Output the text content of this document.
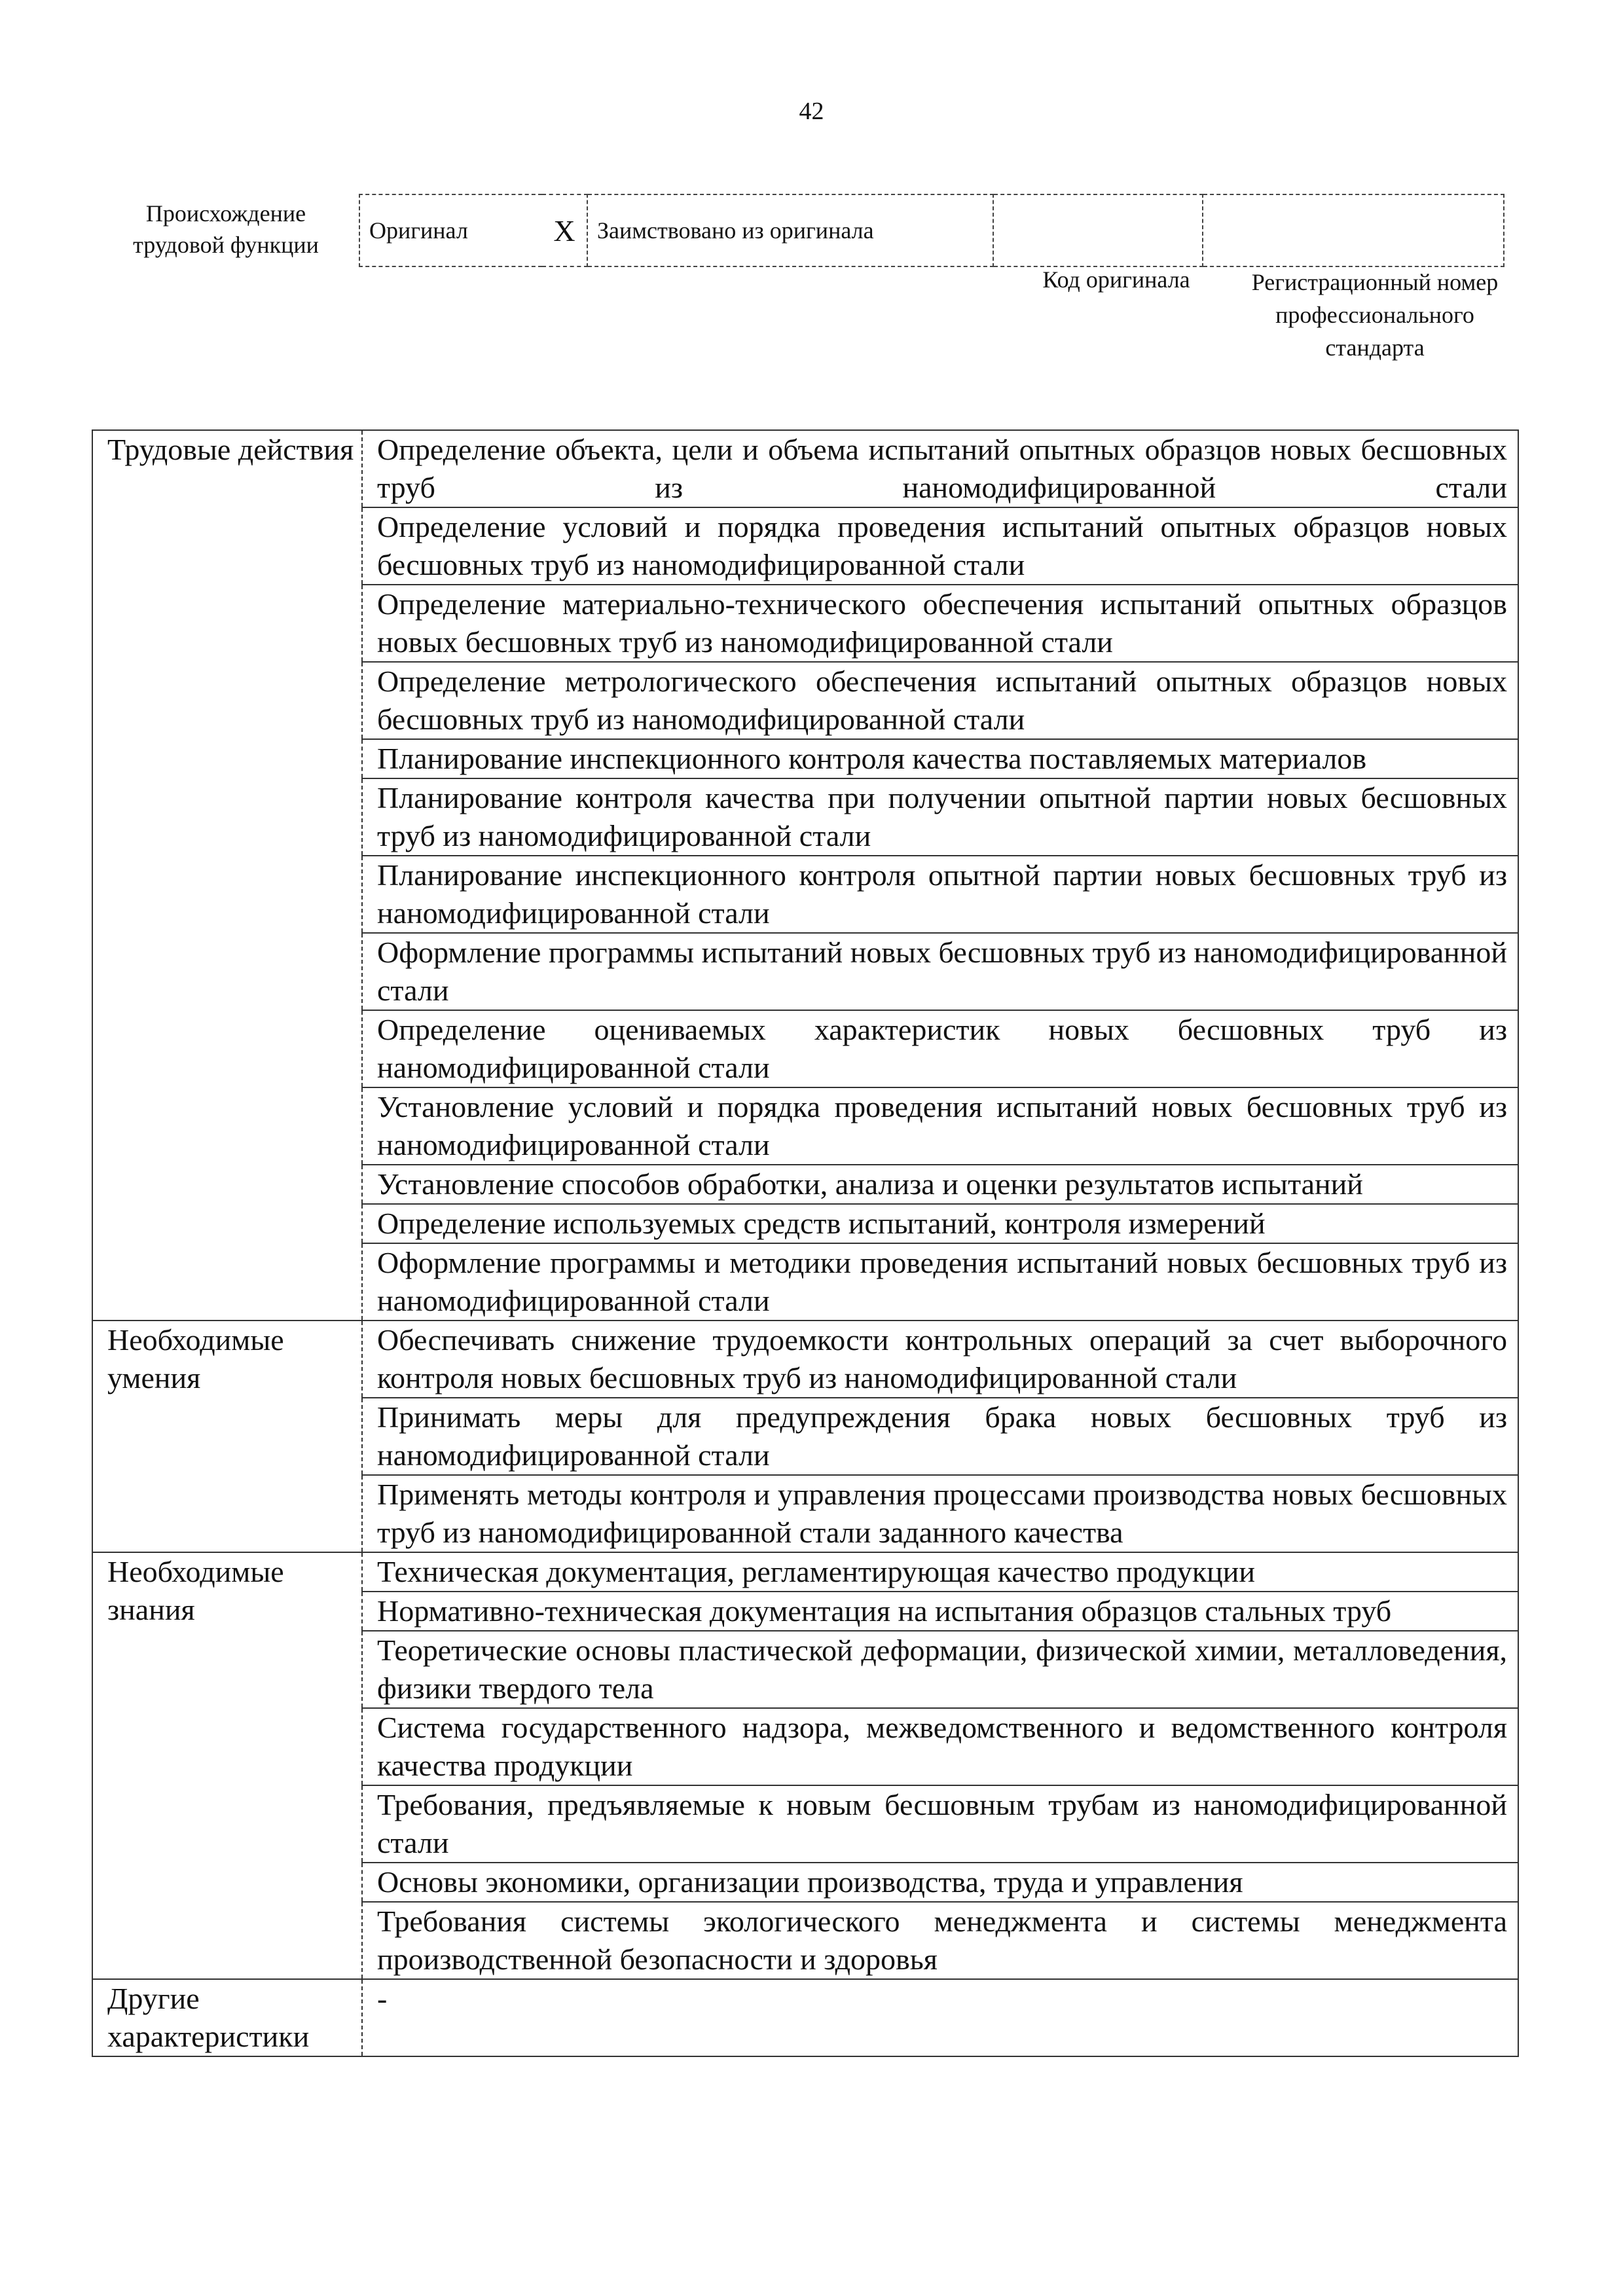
42
Происхождение трудовой функции
Оригинал	X	Заимствовано из оригинала		
Код оригинала	Регистрационный номер профессионального стандарта
Трудовые действия	Определение объекта, цели и объема испытаний опытных образцов новых бесшовных труб из наномодифицированной стали
	Определение условий и порядка проведения испытаний опытных образцов новых бесшовных труб из наномодифицированной стали
	Определение материально-технического обеспечения испытаний опытных образцов новых бесшовных труб из наномодифицированной стали
	Определение метрологического обеспечения испытаний опытных образцов новых бесшовных труб из наномодифицированной стали
	Планирование инспекционного контроля качества поставляемых материалов
	Планирование контроля качества при получении опытной партии новых бесшовных труб из наномодифицированной стали
	Планирование инспекционного контроля опытной партии новых бесшовных труб из наномодифицированной стали
	Оформление программы испытаний новых бесшовных труб из наномодифицированной стали
	Определение оцениваемых характеристик новых бесшовных труб из наномодифицированной стали
	Установление условий и порядка проведения испытаний новых бесшовных труб из наномодифицированной стали
	Установление способов обработки, анализа и оценки результатов испытаний
	Определение используемых средств испытаний, контроля измерений
	Оформление программы и методики проведения испытаний новых бесшовных труб из наномодифицированной стали
Необходимые умения	Обеспечивать снижение трудоемкости контрольных операций за счет выборочного контроля новых бесшовных труб из наномодифицированной стали
	Принимать меры для предупреждения брака новых бесшовных труб из наномодифицированной стали
	Применять методы контроля и управления процессами производства новых бесшовных труб из наномодифицированной стали заданного качества
Необходимые знания	Техническая документация, регламентирующая качество продукции
	Нормативно-техническая документация на испытания образцов стальных труб
	Теоретические основы пластической деформации, физической химии, металловедения, физики твердого тела
	Система государственного надзора, межведомственного и ведомственного контроля качества продукции
	Требования, предъявляемые к новым бесшовным трубам из наномодифицированной стали
	Основы экономики, организации производства, труда и управления
	Требования системы экологического менеджмента и системы менеджмента производственной безопасности и здоровья
Другие характеристики	-
